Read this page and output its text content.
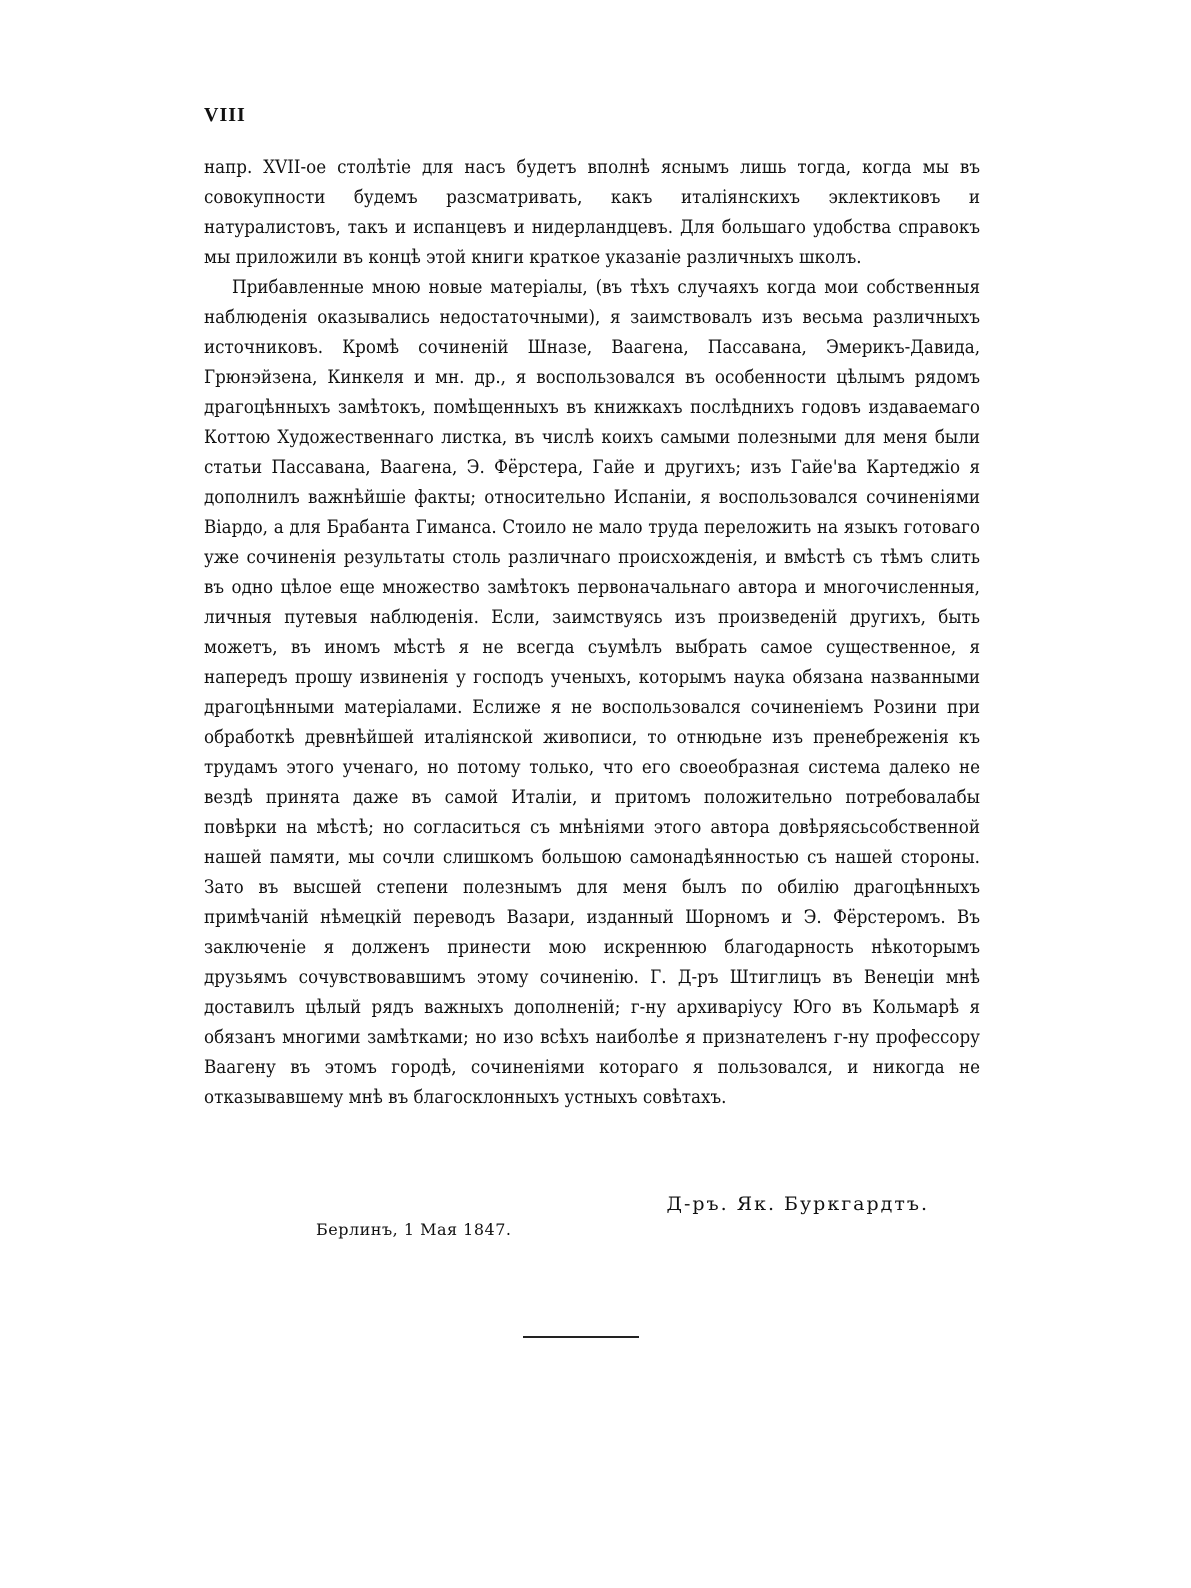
VIII

напр. XVII-ое столѣтіе для насъ будетъ вполнѣ яснымъ лишь тогда, когда мы въ совокупности будемъ разсматривать, какъ италіянскихъ эклектиковъ и натуралистовъ, такъ и испанцевъ и нидерландцевъ. Для большаго удобства справокъ мы приложили въ концѣ этой книги краткое указаніе различныхъ школъ.

Прибавленные мною новые матеріалы, (въ тѣхъ случаяхъ когда мои собственныя наблюденія оказывались недостаточными), я заимствовалъ изъ весьма различныхъ источниковъ. Кромѣ сочиненій Шназе, Ваагена, Пассавана, Эмерикъ-Давида, Грюнэйзена, Кинкеля и мн. др., я воспользовался въ особенности цѣлымъ рядомъ драгоцѣнныхъ замѣтокъ, помѣщенныхъ въ книжкахъ послѣднихъ годовъ издаваемаго Коттою Художественнаго листка, въ числѣ коихъ самыми полезными для меня были статьи Пассавана, Ваагена, Э. Фёрстера, Гайе и другихъ; изъ Гайе'ва Картеджіо я дополнилъ важнѣйшіе факты; относительно Испаніи, я воспользовался сочиненіями Віардо, а для Брабанта Гиманса. Стоило не мало труда переложить на языкъ готоваго уже сочиненія результаты столь различнаго происхожденія, и вмѣстѣ съ тѣмъ слить въ одно цѣлое еще множество замѣтокъ первоначальнаго автора и многочисленныя, личныя путевыя наблюденія. Если, заимствуясь изъ произведеній другихъ, быть можетъ, въ иномъ мѣстѣ я не всегда съумѣлъ выбрать самое существенное, я напередъ прошу извиненія у господъ ученыхъ, которымъ наука обязана названными драгоцѣнными матеріалами. Еслиже я не воспользовался сочиненіемъ Розини при обработкѣ древнѣйшей италіянской живописи, то отнюдьне изъ пренебреженія къ трудамъ этого ученаго, но потому только, что его своеобразная система далеко не вездѣ принята даже въ самой Италіи, и притомъ положительно потребовалабы повѣрки на мѣстѣ; но согласиться съ мнѣніями этого автора довѣряясьсобственной нашей памяти, мы сочли слишкомъ большою самонадѣянностью съ нашей стороны. Зато въ высшей степени полезнымъ для меня былъ по обилію драгоцѣнныхъ примѣчаній нѣмецкій переводъ Вазари, изданный Шорномъ и Э. Фёрстеромъ. Въ заключеніе я долженъ принести мою искреннюю благодарность нѣкоторымъ друзьямъ сочувствовавшимъ этому сочиненію. Г. Д-ръ Штиглицъ въ Венеціи мнѣ доставилъ цѣлый рядъ важныхъ дополненій; г-ну архиваріусу Юго въ Кольмарѣ я обязанъ многими замѣтками; но изо всѣхъ наиболѣе я признателенъ г-ну профессору Ваагену въ этомъ городѣ, сочиненіями котораго я пользовался, и никогда не отказывавшему мнѣ въ благосклонныхъ устныхъ совѣтахъ.

Д-ръ. Як. Буркгардтъ.
Берлинъ, 1 Мая 1847.
